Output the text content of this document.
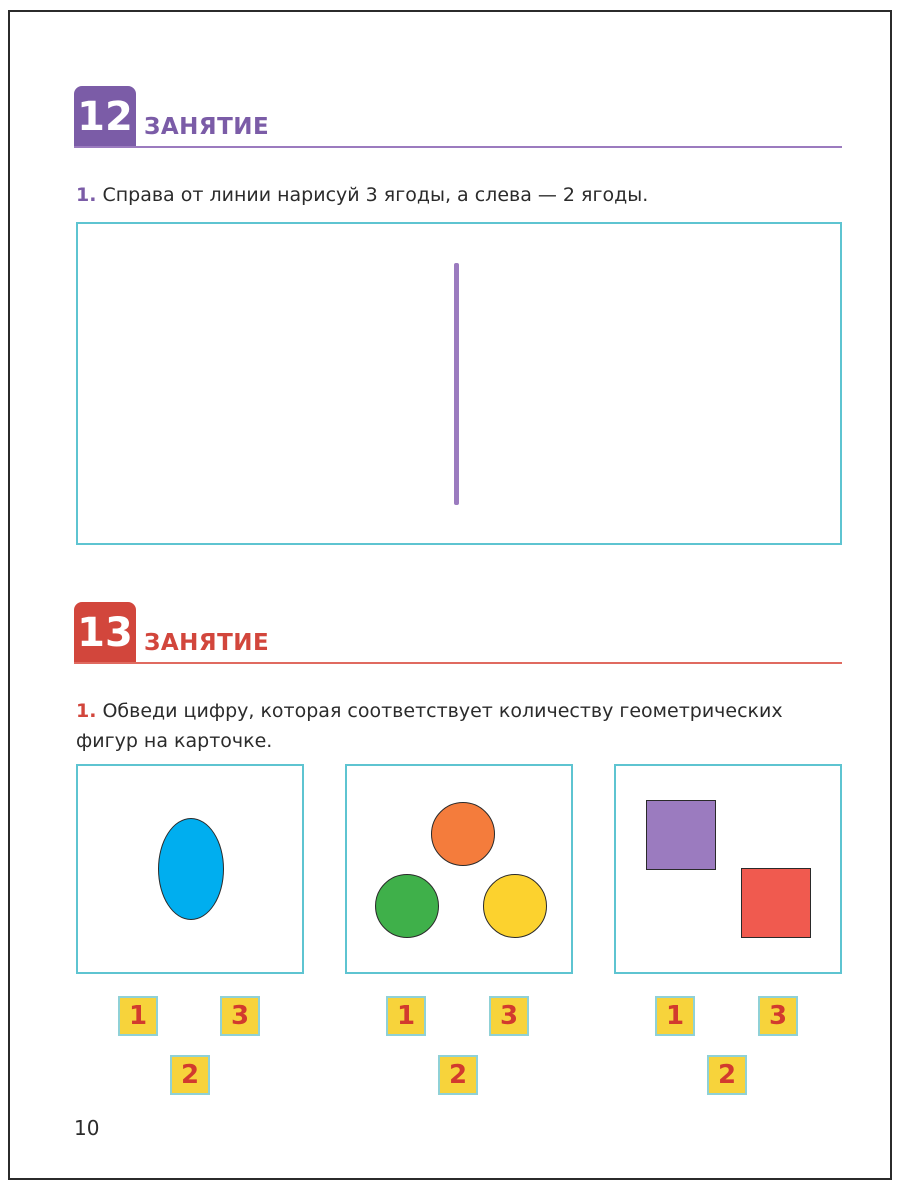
12 ЗАНЯТИЕ
1. Справа от линии нарисуй 3 ягоды, а слева — 2 ягоды.
13 ЗАНЯТИЕ
1. Обведи цифру, которая соответствует количеству геометрических фигур на карточке.
1	3
2
1	3
2
1	3
2
10
